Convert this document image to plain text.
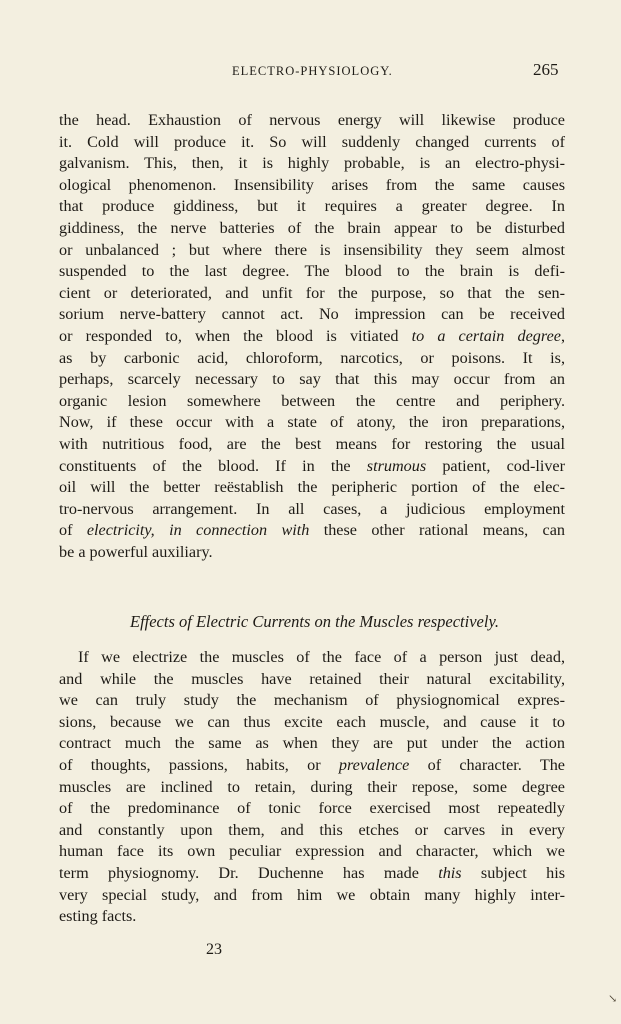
ELECTRO-PHYSIOLOGY.	265
the head. Exhaustion of nervous energy will likewise produce
it. Cold will produce it. So will suddenly changed currents of
galvanism. This, then, it is highly probable, is an electro-physi-
ological phenomenon. Insensibility arises from the same causes
that produce giddiness, but it requires a greater degree. In
giddiness, the nerve batteries of the brain appear to be disturbed
or unbalanced ; but where there is insensibility they seem almost
suspended to the last degree. The blood to the brain is defi-
cient or deteriorated, and unfit for the purpose, so that the sen-
sorium nerve-battery cannot act. No impression can be received
or responded to, when the blood is vitiated to a certain degree,
as by carbonic acid, chloroform, narcotics, or poisons. It is,
perhaps, scarcely necessary to say that this may occur from an
organic lesion somewhere between the centre and periphery.
Now, if these occur with a state of atony, the iron preparations,
with nutritious food, are the best means for restoring the usual
constituents of the blood. If in the strumous patient, cod-liver
oil will the better reëstablish the peripheric portion of the elec-
tro-nervous arrangement. In all cases, a judicious employment
of electricity, in connection with these other rational means, can
be a powerful auxiliary.
Effects of Electric Currents on the Muscles respectively.
If we electrize the muscles of the face of a person just dead,
and while the muscles have retained their natural excitability,
we can truly study the mechanism of physiognomical expres-
sions, because we can thus excite each muscle, and cause it to
contract much the same as when they are put under the action
of thoughts, passions, habits, or prevalence of character. The
muscles are inclined to retain, during their repose, some degree
of the predominance of tonic force exercised most repeatedly
and constantly upon them, and this etches or carves in every
human face its own peculiar expression and character, which we
term physiognomy. Dr. Duchenne has made this subject his
very special study, and from him we obtain many highly inter-
esting facts.
23
↘
